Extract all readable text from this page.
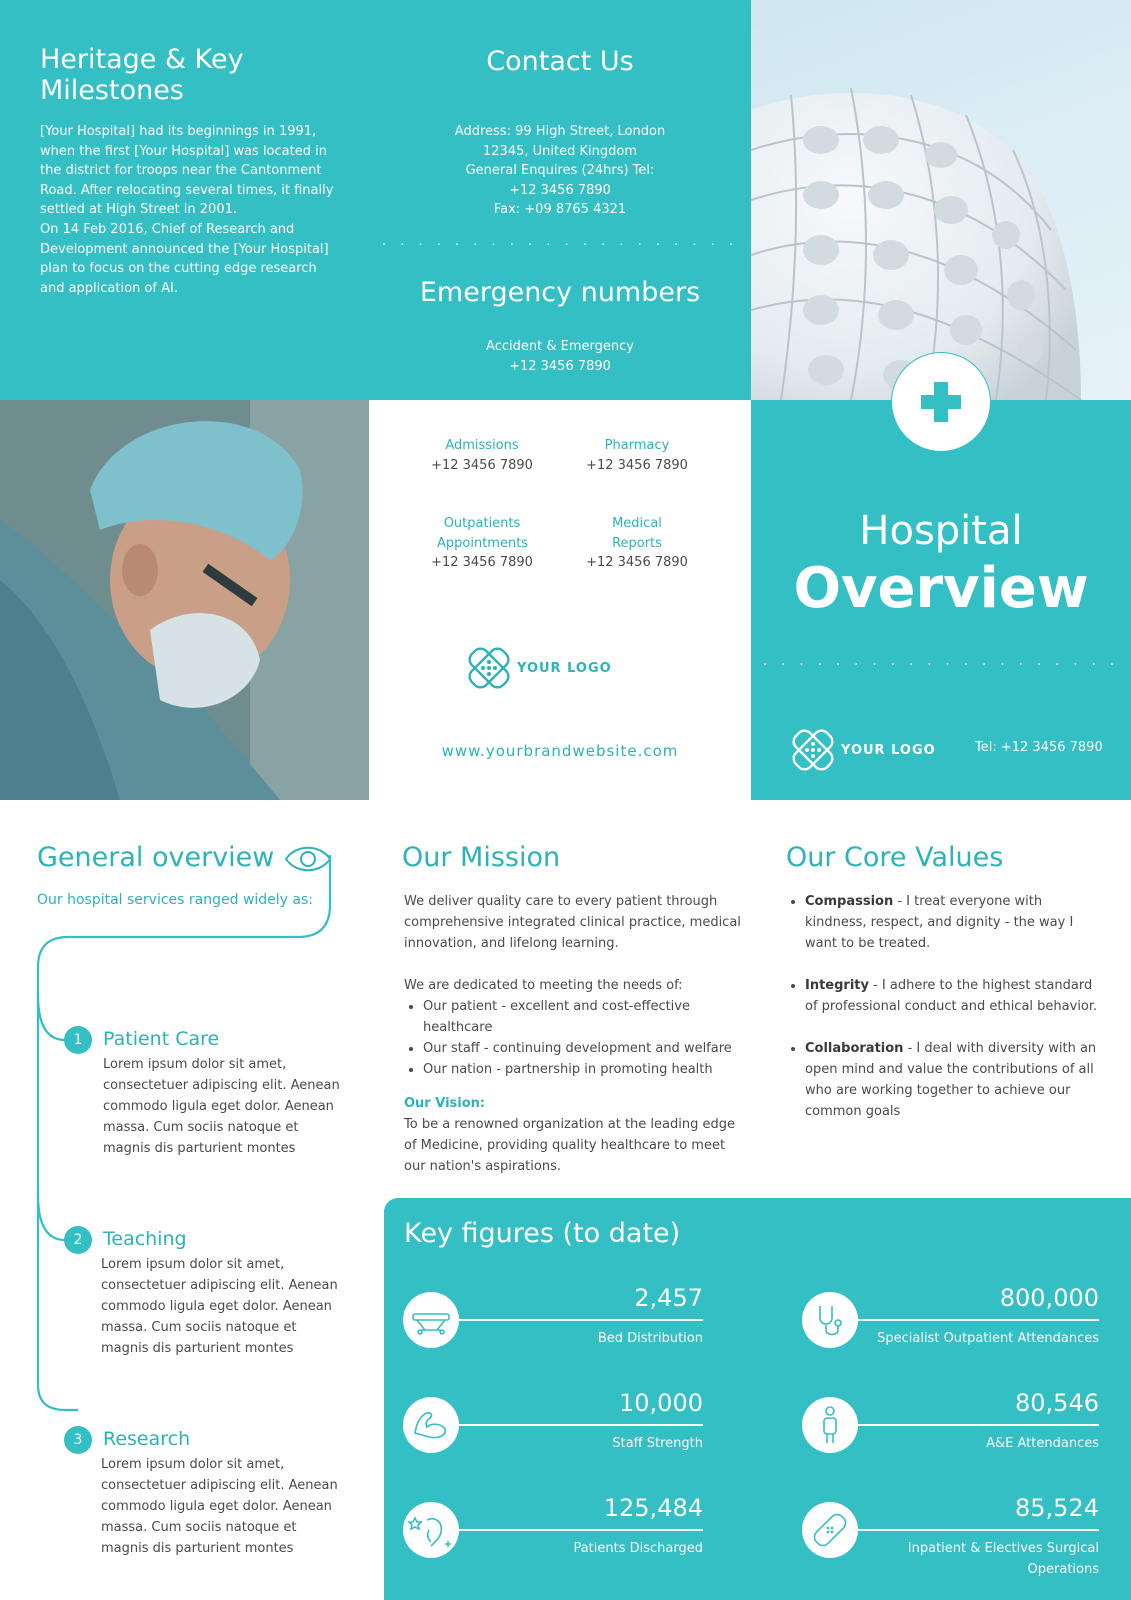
Heritage & Key Milestones

[Your Hospital] had its beginnings in 1991, when the first [Your Hospital] was located in the district for troops near the Cantonment Road. After relocating several times, it finally settled at High Street in 2001.
On 14 Feb 2016, Chief of Research and Development announced the [Your Hospital] plan to focus on the cutting edge research and application of AI.

Contact Us
Address: 99 High Street, London
12345, United Kingdom
General Enquires (24hrs) Tel:
+12 3456 7890
Fax: +09 8765 4321
· · · · · · · · · · · · · · · · · · · ·
Emergency numbers
Accident & Emergency
+12 3456 7890
Admissions
+12 3456 7890
Pharmacy
+12 3456 7890
Outpatients Appointments
+12 3456 7890
Medical Reports
+12 3456 7890
YOUR LOGO
www.yourbrandwebsite.com
Hospital
Overview
· · · · · · · · · · · · · · · · · · · ·
YOUR LOGO	Tel: +12 3456 7890
General overview
Our hospital services ranged widely as:
1	Patient Care
Lorem ipsum dolor sit amet, consectetuer adipiscing elit. Aenean commodo ligula eget dolor. Aenean massa. Cum sociis natoque et magnis dis parturient montes
2	Teaching
Lorem ipsum dolor sit amet, consectetuer adipiscing elit. Aenean commodo ligula eget dolor. Aenean massa. Cum sociis natoque et magnis dis parturient montes
3	Research
Lorem ipsum dolor sit amet, consectetuer adipiscing elit. Aenean commodo ligula eget dolor. Aenean massa. Cum sociis natoque et magnis dis parturient montes
Our Mission
We deliver quality care to every patient through comprehensive integrated clinical practice, medical innovation, and lifelong learning.
We are dedicated to meeting the needs of:
• Our patient - excellent and cost-effective healthcare
• Our staff - continuing development and welfare
• Our nation - partnership in promoting health
Our Vision:
To be a renowned organization at the leading edge of Medicine, providing quality healthcare to meet our nation's aspirations.
Our Core Values
• Compassion - I treat everyone with kindness, respect, and dignity - the way I want to be treated.
• Integrity - I adhere to the highest standard of professional conduct and ethical behavior.
• Collaboration - I deal with diversity with an open mind and value the contributions of all who are working together to achieve our common goals
Key figures (to date)
2,457
Bed Distribution
800,000
Specialist Outpatient Attendances
10,000
Staff Strength
80,546
A&E Attendances
125,484
Patients Discharged
85,524
Inpatient & Electives Surgical Operations
